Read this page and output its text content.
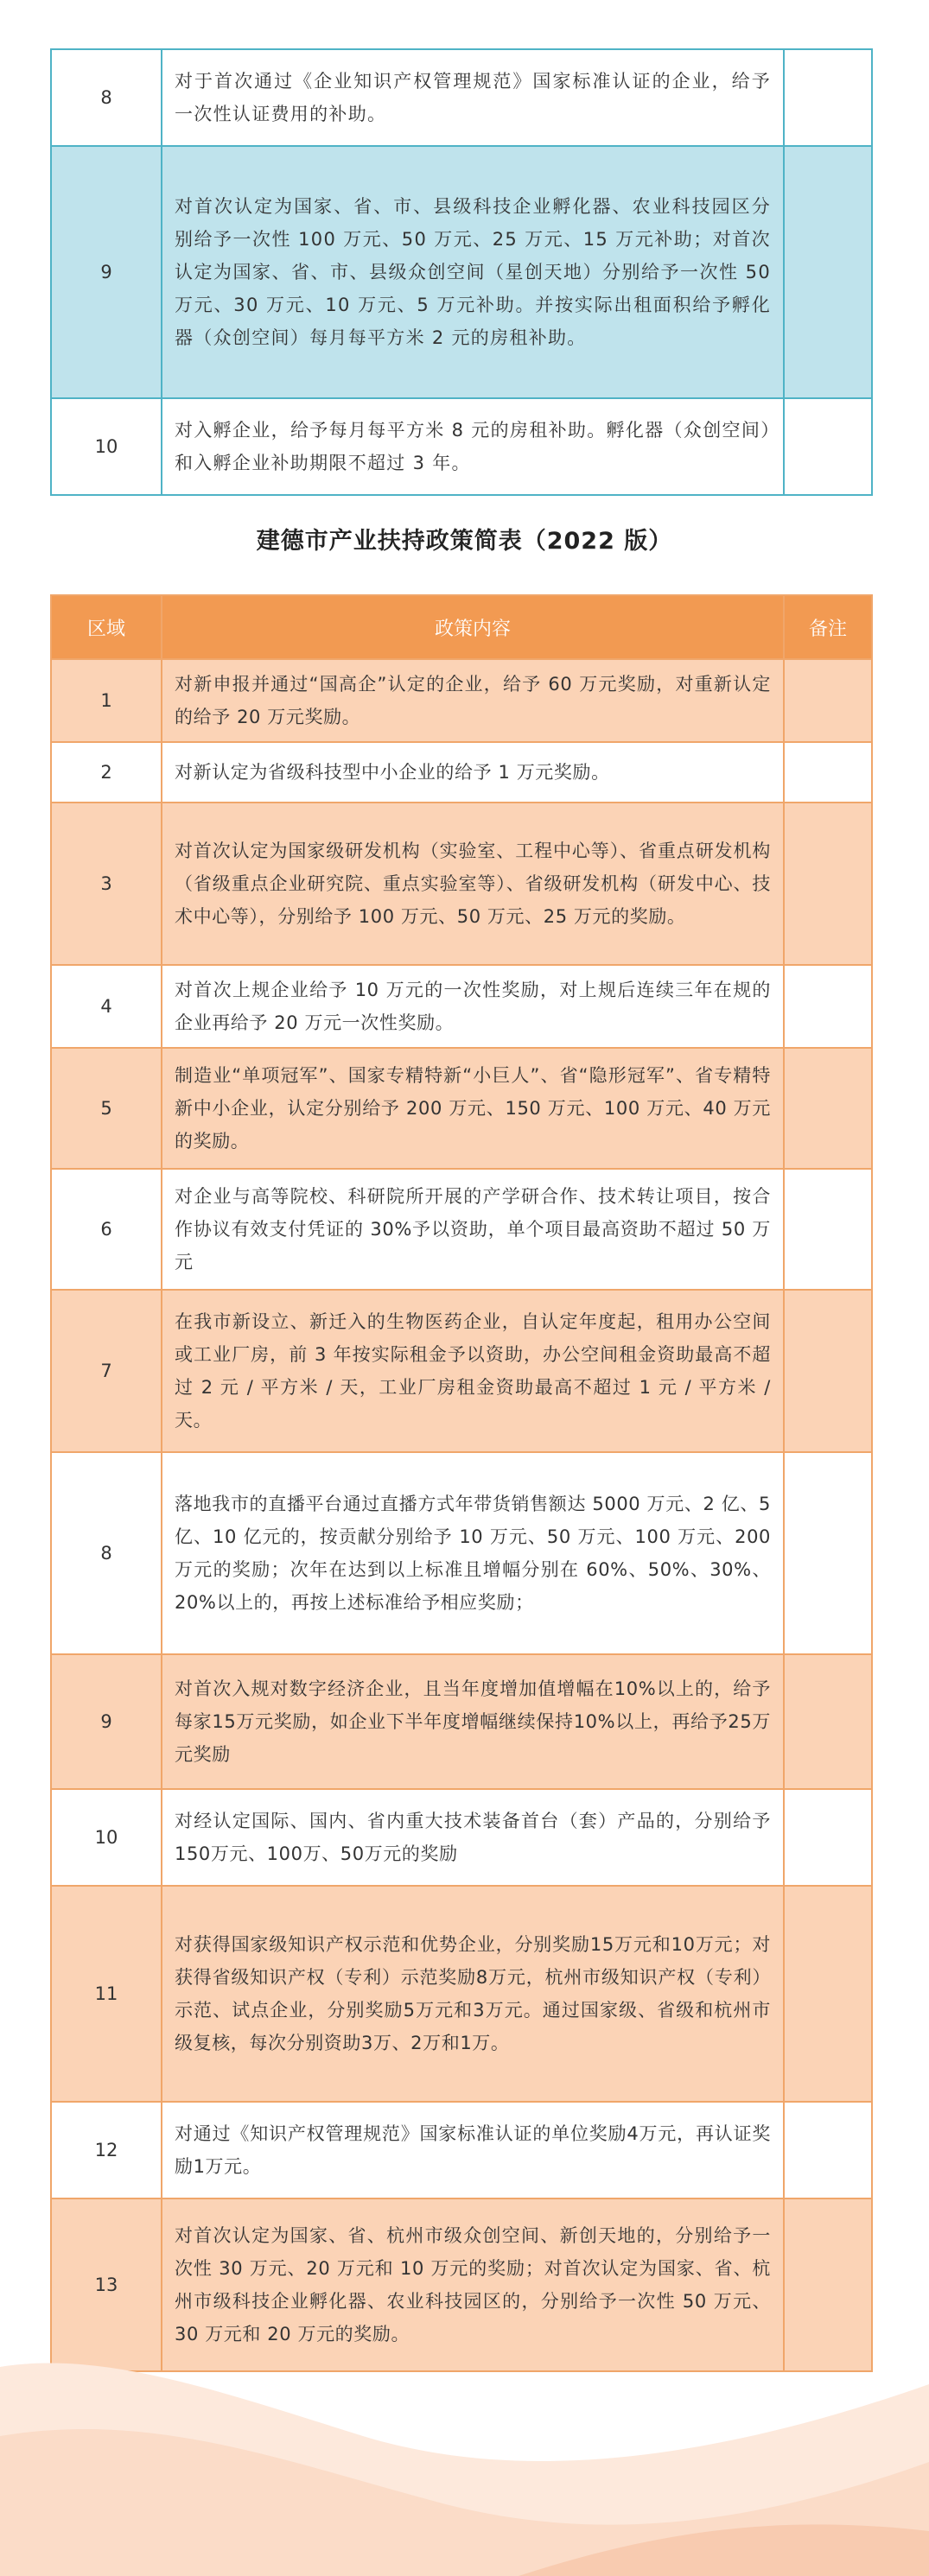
8	对于首次通过《企业知识产权管理规范》国家标准认证的企业，给予一次性认证费用的补助。	
9	对首次认定为国家、省、市、县级科技企业孵化器、农业科技园区分别给予一次性 100 万元、50 万元、25 万元、15 万元补助；对首次认定为国家、省、市、县级众创空间（星创天地）分别给予一次性 50 万元、30 万元、10 万元、5 万元补助。并按实际出租面积给予孵化器（众创空间）每月每平方米 2 元的房租补助。	
10	对入孵企业，给予每月每平方米 8 元的房租补助。孵化器（众创空间）和入孵企业补助期限不超过 3 年。	
建德市产业扶持政策简表（2022 版）
区域	政策内容	备注
1	对新申报并通过“国高企”认定的企业，给予 60 万元奖励，对重新认定的给予 20 万元奖励。	
2	对新认定为省级科技型中小企业的给予 1 万元奖励。	
3	对首次认定为国家级研发机构（实验室、工程中心等）、省重点研发机构（省级重点企业研究院、重点实验室等）、省级研发机构（研发中心、技术中心等），分别给予 100 万元、50 万元、25 万元的奖励。	
4	对首次上规企业给予 10 万元的一次性奖励，对上规后连续三年在规的企业再给予 20 万元一次性奖励。	
5	制造业“单项冠军”、国家专精特新“小巨人”、省“隐形冠军”、省专精特新中小企业，认定分别给予 200 万元、150 万元、100 万元、40 万元的奖励。	
6	对企业与高等院校、科研院所开展的产学研合作、技术转让项目，按合作协议有效支付凭证的 30%予以资助，单个项目最高资助不超过 50 万元	
7	在我市新设立、新迁入的生物医药企业，自认定年度起，租用办公空间或工业厂房，前 3 年按实际租金予以资助，办公空间租金资助最高不超过 2 元 / 平方米 / 天，工业厂房租金资助最高不超过 1 元 / 平方米 / 天。	
8	落地我市的直播平台通过直播方式年带货销售额达 5000 万元、2 亿、5 亿、10 亿元的，按贡献分别给予 10 万元、50 万元、100 万元、200 万元的奖励；次年在达到以上标准且增幅分别在 60%、50%、30%、20%以上的，再按上述标准给予相应奖励；	
9	对首次入规对数字经济企业，且当年度增加值增幅在10%以上的，给予每家15万元奖励，如企业下半年度增幅继续保持10%以上，再给予25万元奖励	
10	对经认定国际、国内、省内重大技术装备首台（套）产品的，分别给予150万元、100万、50万元的奖励	
11	对获得国家级知识产权示范和优势企业，分别奖励15万元和10万元；对获得省级知识产权（专利）示范奖励8万元，杭州市级知识产权（专利）示范、试点企业，分别奖励5万元和3万元。通过国家级、省级和杭州市级复核，每次分别资助3万、2万和1万。	
12	对通过《知识产权管理规范》国家标准认证的单位奖励4万元，再认证奖励1万元。	
13	对首次认定为国家、省、杭州市级众创空间、新创天地的，分别给予一次性 30 万元、20 万元和 10 万元的奖励；对首次认定为国家、省、杭州市级科技企业孵化器、农业科技园区的，分别给予一次性 50 万元、30 万元和 20 万元的奖励。	
